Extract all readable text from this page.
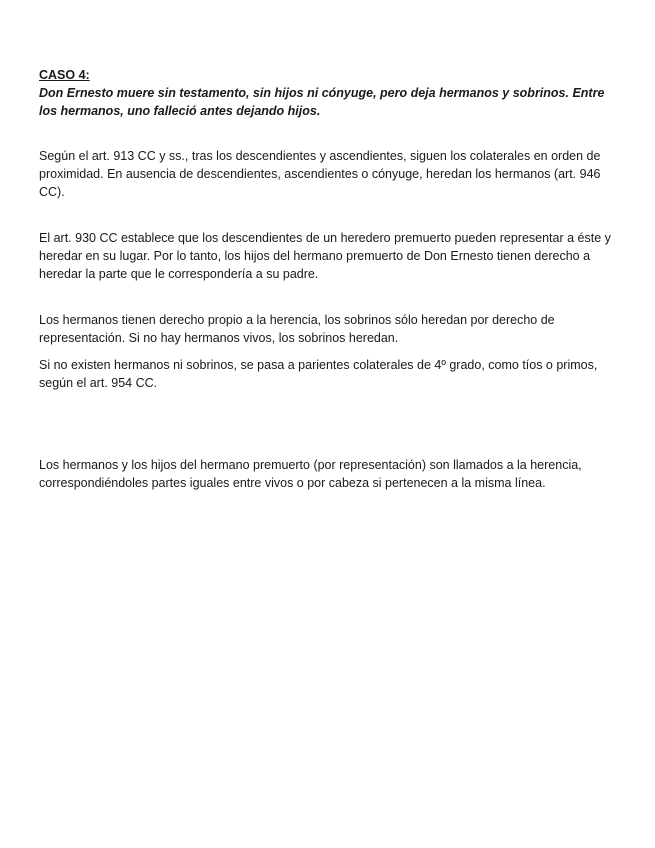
CASO 4:

Don Ernesto muere sin testamento, sin hijos ni cónyuge, pero deja hermanos y sobrinos. Entre los hermanos, uno falleció antes dejando hijos.

Según el art. 913 CC y ss., tras los descendientes y ascendientes, siguen los colaterales en orden de proximidad. En ausencia de descendientes, ascendientes o cónyuge, heredan los hermanos (art. 946 CC).

El art. 930 CC establece que los descendientes de un heredero premuerto pueden representar a éste y heredar en su lugar. Por lo tanto, los hijos del hermano premuerto de Don Ernesto tienen derecho a heredar la parte que le correspondería a su padre.

Los hermanos tienen derecho propio a la herencia, los sobrinos sólo heredan por derecho de representación. Si no hay hermanos vivos, los sobrinos heredan.

Si no existen hermanos ni sobrinos, se pasa a parientes colaterales de 4º grado, como tíos o primos, según el art. 954 CC.

Los hermanos y los hijos del hermano premuerto (por representación) son llamados a la herencia, correspondiéndoles partes iguales entre vivos o por cabeza si pertenecen a la misma línea.
